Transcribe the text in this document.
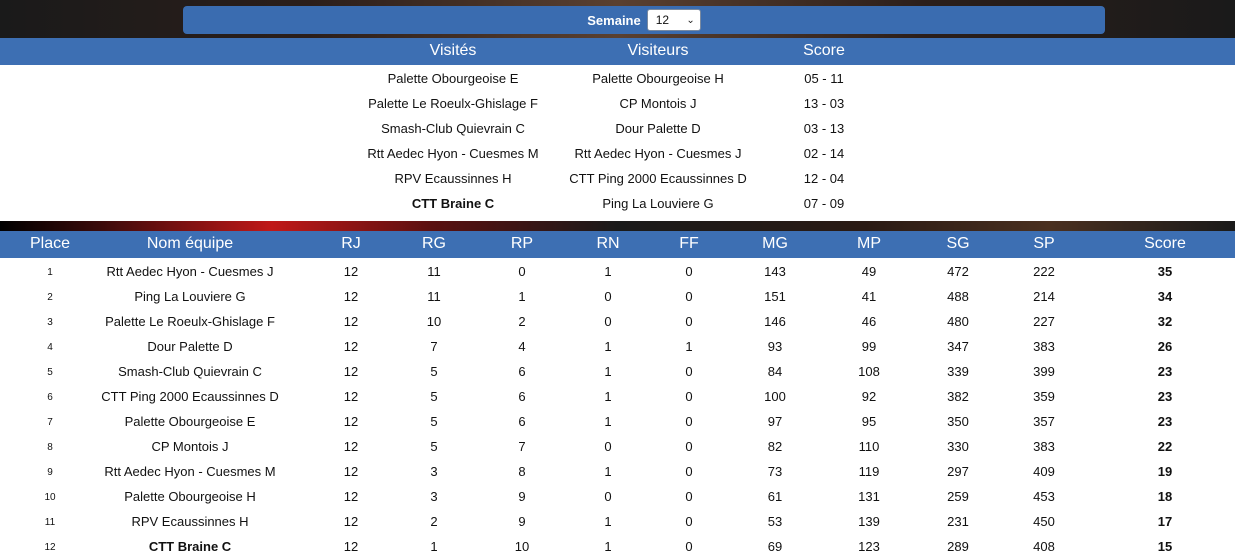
Semaine 12 ⌄
Visités	Visiteurs	Score
Palette Obourgeoise E	Palette Obourgeoise H	05 - 11
Palette Le Roeulx-Ghislage F	CP Montois J	13 - 03
Smash-Club Quievrain C	Dour Palette D	03 - 13
Rtt Aedec Hyon - Cuesmes M	Rtt Aedec Hyon - Cuesmes J	02 - 14
RPV Ecaussinnes H	CTT Ping 2000 Ecaussinnes D	12 - 04
CTT Braine C	Ping La Louviere G	07 - 09
Place	Nom équipe	RJ	RG	RP	RN	FF	MG	MP	SG	SP	Score
1	Rtt Aedec Hyon - Cuesmes J	12	11	0	1	0	143	49	472	222	35
2	Ping La Louviere G	12	11	1	0	0	151	41	488	214	34
3	Palette Le Roeulx-Ghislage F	12	10	2	0	0	146	46	480	227	32
4	Dour Palette D	12	7	4	1	1	93	99	347	383	26
5	Smash-Club Quievrain C	12	5	6	1	0	84	108	339	399	23
6	CTT Ping 2000 Ecaussinnes D	12	5	6	1	0	100	92	382	359	23
7	Palette Obourgeoise E	12	5	6	1	0	97	95	350	357	23
8	CP Montois J	12	5	7	0	0	82	110	330	383	22
9	Rtt Aedec Hyon - Cuesmes M	12	3	8	1	0	73	119	297	409	19
10	Palette Obourgeoise H	12	3	9	0	0	61	131	259	453	18
11	RPV Ecaussinnes H	12	2	9	1	0	53	139	231	450	17
12	CTT Braine C	12	1	10	1	0	69	123	289	408	15
